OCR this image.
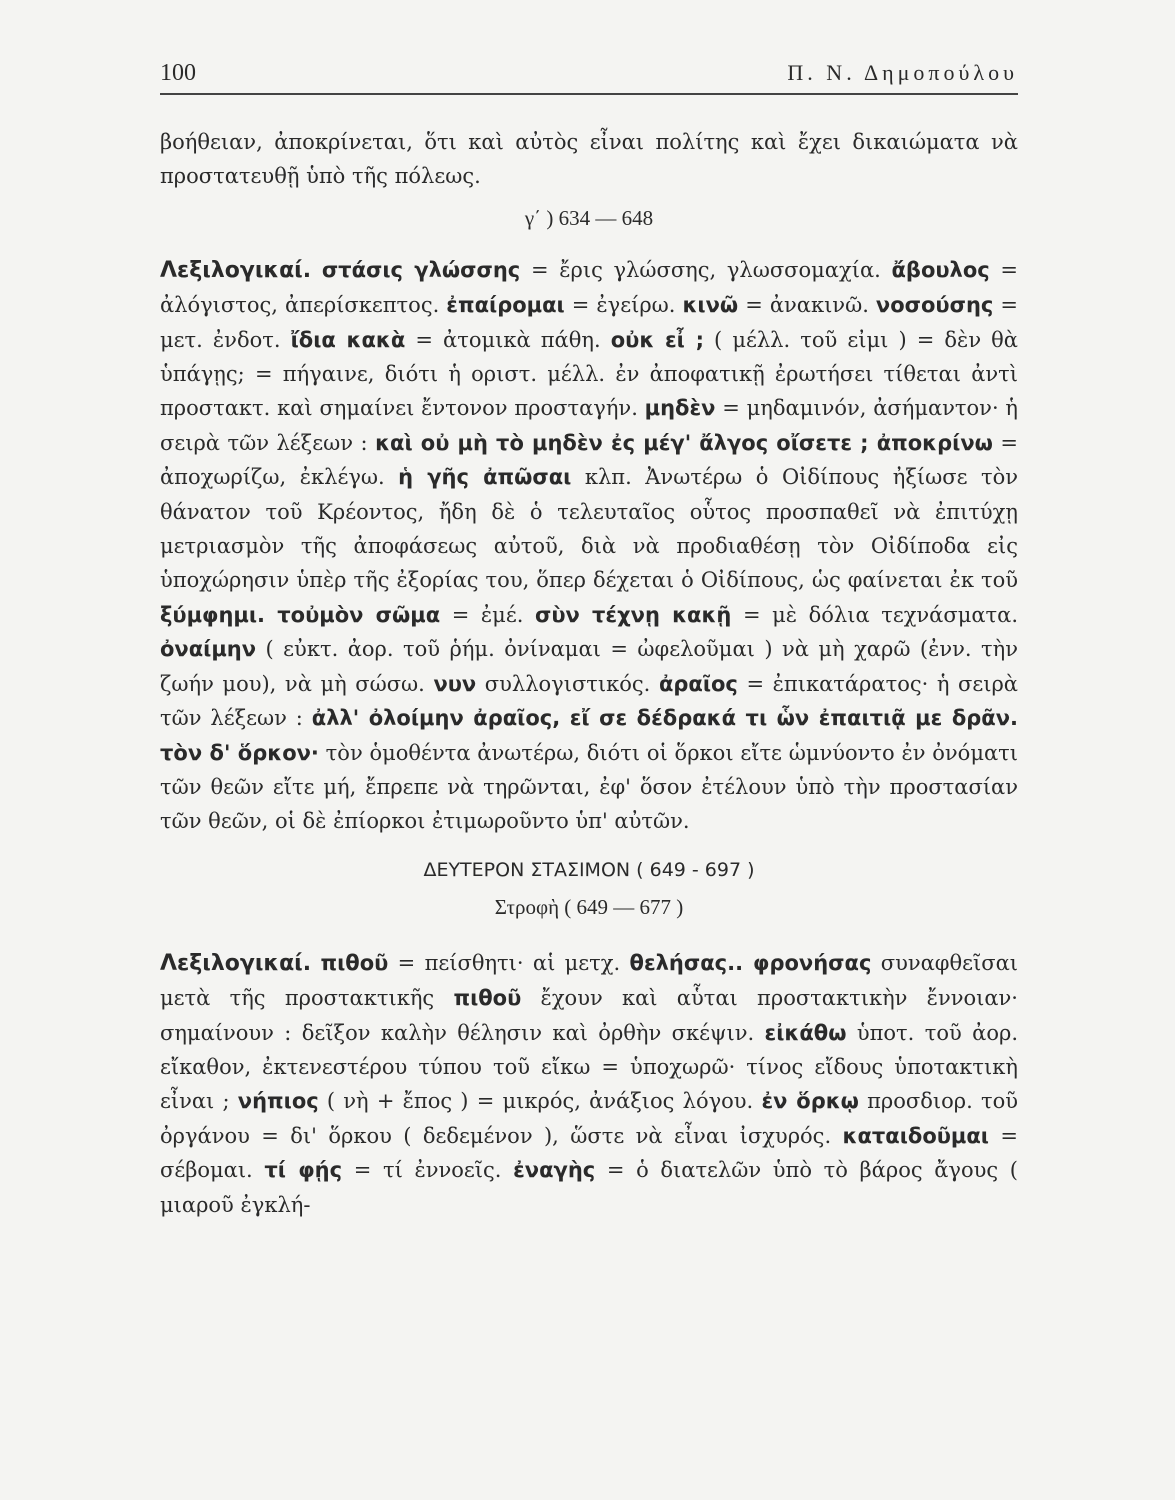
100	Π. Ν. Δημοπούλου

βοήθειαν, ἀποκρίνεται, ὅτι καὶ αὐτὸς εἶναι πολίτης καὶ ἔχει δικαιώματα νὰ προστατευθῇ ὑπὸ τῆς πόλεως.

γ΄ ) 634 — 648

Λεξιλογικαί. στάσις γλώσσης = ἔρις γλώσσης, γλωσσομαχία. ἄβουλος = ἀλόγιστος, ἀπερίσκεπτος. ἐπαίρομαι = ἐγείρω. κινῶ = ἀνακινῶ. νοσούσης = μετ. ἐνδοτ. ἴδια κακὰ = ἀτομικὰ πάθη. οὐκ εἶ ; ( μέλλ. τοῦ εἰμι ) = δὲν θὰ ὑπάγῃς; = πήγαινε, διότι ἡ οριστ. μέλλ. ἐν ἀποφατικῇ ἐρωτήσει τίθεται ἀντὶ προστακτ. καὶ σημαίνει ἔντονον προσταγήν. μηδὲν = μηδαμινόν, ἀσήμαντον· ἡ σειρὰ τῶν λέξεων : καὶ οὐ μὴ τὸ μηδὲν ἐς μέγ' ἄλγος οἴσετε ; ἀποκρίνω = ἀποχωρίζω, ἐκλέγω. ἡ γῆς ἀπῶσαι κλπ. Ἀνωτέρω ὁ Οἰδίπους ἠξίωσε τὸν θάνατον τοῦ Κρέοντος, ἤδη δὲ ὁ τελευταῖος οὗτος προσπαθεῖ νὰ ἐπιτύχῃ μετριασμὸν τῆς ἀποφάσεως αὐτοῦ, διὰ νὰ προδιαθέσῃ τὸν Οἰδίποδα εἰς ὑποχώρησιν ὑπὲρ τῆς ἐξορίας του, ὅπερ δέχεται ὁ Οἰδίπους, ὡς φαίνεται ἐκ τοῦ ξύμφημι. τοὐμὸν σῶμα = ἐμέ. σὺν τέχνῃ κακῇ = μὲ δόλια τεχνάσματα. ὀναίμην ( εὐκτ. ἀορ. τοῦ ῥήμ. ὀνίναμαι = ὠφελοῦμαι ) νὰ μὴ χαρῶ (ἐνν. τὴν ζωήν μου), νὰ μὴ σώσω. νυν συλλογιστικός. ἀραῖος = ἐπικατάρατος· ἡ σειρὰ τῶν λέξεων : ἀλλ' ὀλοίμην ἀραῖος, εἴ σε δέδρακά τι ὧν ἐπαιτιᾷ με δρᾶν. τὸν δ' ὅρκον· τὸν ὁμοθέντα ἀνωτέρω, διότι οἱ ὅρκοι εἴτε ὡμνύοντο ἐν ὀνόματι τῶν θεῶν εἴτε μή, ἔπρεπε νὰ τηρῶνται, ἐφ' ὅσον ἐτέλουν ὑπὸ τὴν προστασίαν τῶν θεῶν, οἱ δὲ ἐπίορκοι ἐτιμωροῦντο ὑπ' αὐτῶν.

ΔΕΥΤΕΡΟΝ ΣΤΑΣΙΜΟΝ ( 649 - 697 )
Στροφὴ ( 649 — 677 )

Λεξιλογικαί. πιθοῦ = πείσθητι· αἱ μετχ. θελήσας.. φρονήσας συναφθεῖσαι μετὰ τῆς προστακτικῆς πιθοῦ ἔχουν καὶ αὗται προστακτικὴν ἔννοιαν· σημαίνουν : δεῖξον καλὴν θέλησιν καὶ ὀρθὴν σκέψιν. εἰκάθω ὑποτ. τοῦ ἀορ. εἴκαθον, ἐκτενεστέρου τύπου τοῦ εἴκω = ὑποχωρῶ· τίνος εἴδους ὑποτακτικὴ εἶναι ; νήπιος ( νὴ + ἔπος ) = μικρός, ἀνάξιος λόγου. ἐν ὅρκῳ προσδιορ. τοῦ ὀργάνου = δι' ὅρκου ( δεδεμένον ), ὥστε νὰ εἶναι ἰσχυρός. καταιδοῦμαι = σέβομαι. τί φῄς = τί ἐννοεῖς. ἐναγὴς = ὁ διατελῶν ὑπὸ τὸ βάρος ἄγους ( μιαροῦ ἐγκλή-
